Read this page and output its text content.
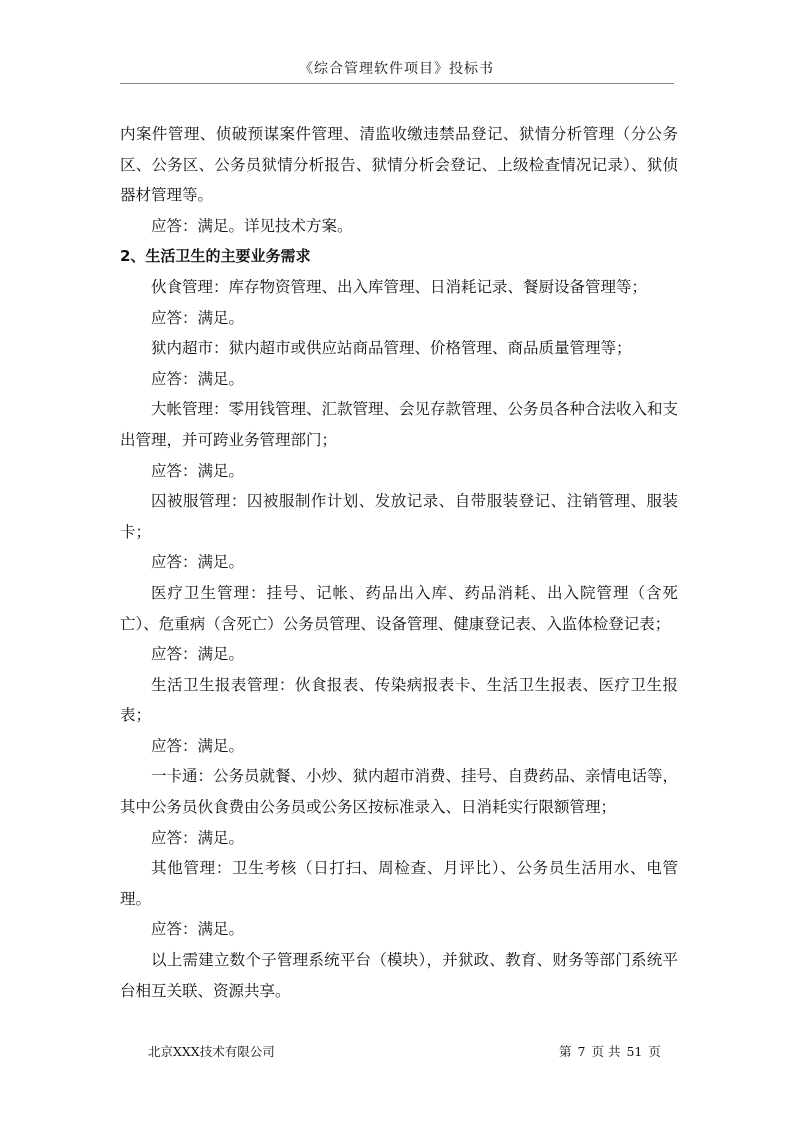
《综合管理软件项目》投标书

内案件管理、侦破预谋案件管理、清监收缴违禁品登记、狱情分析管理（分公务区、公务区、公务员狱情分析报告、狱情分析会登记、上级检查情况记录）、狱侦器材管理等。

应答：满足。详见技术方案。

2、生活卫生的主要业务需求

伙食管理：库存物资管理、出入库管理、日消耗记录、餐厨设备管理等；

应答：满足。

狱内超市：狱内超市或供应站商品管理、价格管理、商品质量管理等；

应答：满足。

大帐管理：零用钱管理、汇款管理、会见存款管理、公务员各种合法收入和支出管理，并可跨业务管理部门；

应答：满足。

囚被服管理：囚被服制作计划、发放记录、自带服装登记、注销管理、服装卡；

应答：满足。

医疗卫生管理：挂号、记帐、药品出入库、药品消耗、出入院管理（含死亡）、危重病（含死亡）公务员管理、设备管理、健康登记表、入监体检登记表；

应答：满足。

生活卫生报表管理：伙食报表、传染病报表卡、生活卫生报表、医疗卫生报表；

应答：满足。

一卡通：公务员就餐、小炒、狱内超市消费、挂号、自费药品、亲情电话等，其中公务员伙食费由公务员或公务区按标准录入、日消耗实行限额管理；

应答：满足。

其他管理：卫生考核（日打扫、周检查、月评比）、公务员生活用水、电管理。

应答：满足。

以上需建立数个子管理系统平台（模块），并狱政、教育、财务等部门系统平台相互关联、资源共享。

北京XXX技术有限公司	第 7 页 共 51 页
